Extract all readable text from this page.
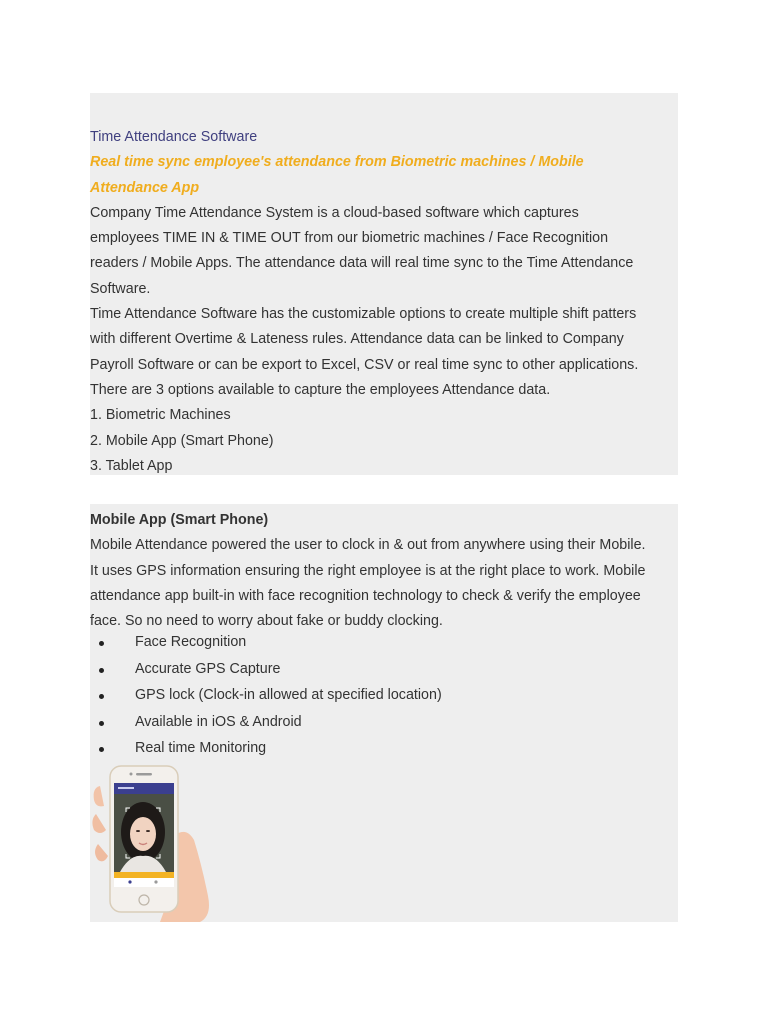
Time Attendance Software
Real time sync employee's attendance from Biometric machines / Mobile
Attendance App
Company Time Attendance System is a cloud-based software which captures
employees TIME IN & TIME OUT from our biometric machines / Face Recognition
readers / Mobile Apps. The attendance data will real time sync to the Time Attendance
Software.
Time Attendance Software has the customizable options to create multiple shift patters
with different Overtime & Lateness rules. Attendance data can be linked to Company
Payroll Software or can be export to Excel, CSV or real time sync to other applications.
There are 3 options available to capture the employees Attendance data.
1. Biometric Machines
2. Mobile App (Smart Phone)
3. Tablet App
Mobile App (Smart Phone)
Mobile Attendance powered the user to clock in & out from anywhere using their Mobile.
It uses GPS information ensuring the right employee is at the right place to work. Mobile
attendance app built-in with face recognition technology to check & verify the employee
face. So no need to worry about fake or buddy clocking.
Face Recognition
Accurate GPS Capture
GPS lock (Clock-in allowed at specified location)
Available in iOS & Android
Real time Monitoring
